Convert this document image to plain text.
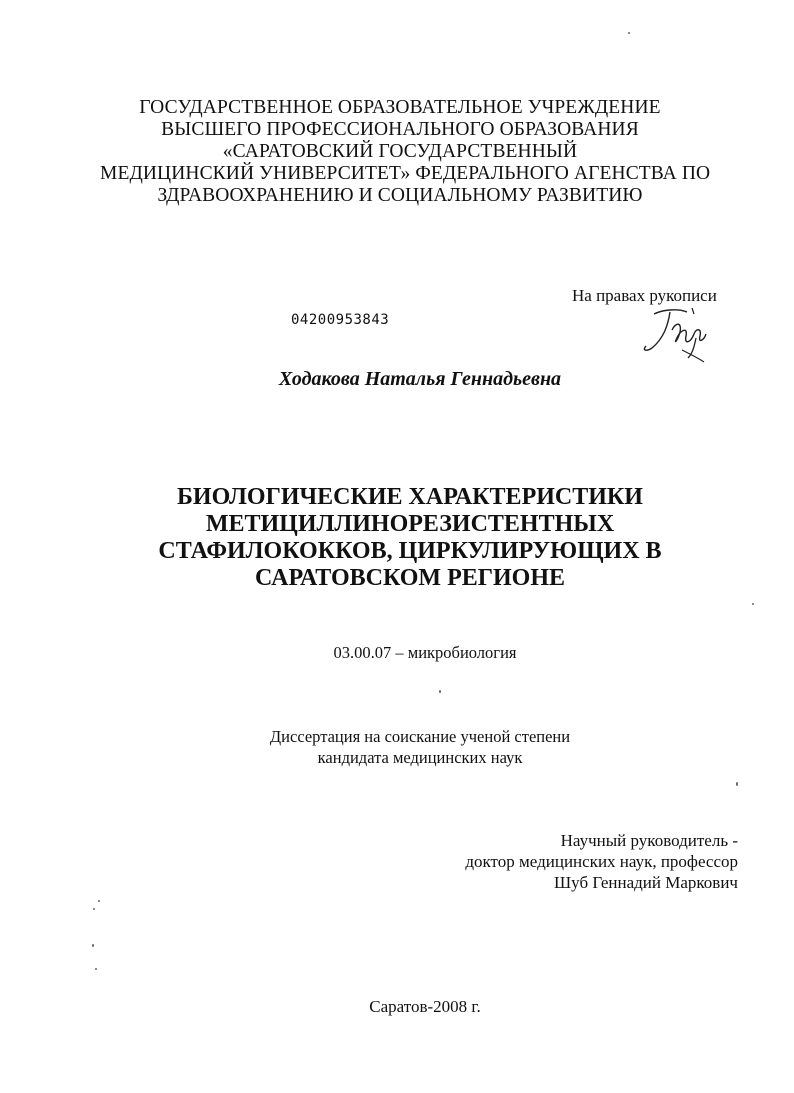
ГОСУДАРСТВЕННОЕ ОБРАЗОВАТЕЛЬНОЕ УЧРЕЖДЕНИЕ
ВЫСШЕГО ПРОФЕССИОНАЛЬНОГО ОБРАЗОВАНИЯ
«САРАТОВСКИЙ ГОСУДАРСТВЕННЫЙ
МЕДИЦИНСКИЙ УНИВЕРСИТЕТ» ФЕДЕРАЛЬНОГО АГЕНСТВА ПО
ЗДРАВООХРАНЕНИЮ И СОЦИАЛЬНОМУ РАЗВИТИЮ
На правах рукописи
04200953843
Ходакова Наталья Геннадьевна
БИОЛОГИЧЕСКИЕ ХАРАКТЕРИСТИКИ
МЕТИЦИЛЛИНОРЕЗИСТЕНТНЫХ
СТАФИЛОКОККОВ, ЦИРКУЛИРУЮЩИХ В
САРАТОВСКОМ РЕГИОНЕ
03.00.07 – микробиология
Диссертация на соискание ученой степени
кандидата медицинских наук
Научный руководитель -
доктор медицинских наук, профессор
Шуб Геннадий Маркович
Саратов-2008 г.
